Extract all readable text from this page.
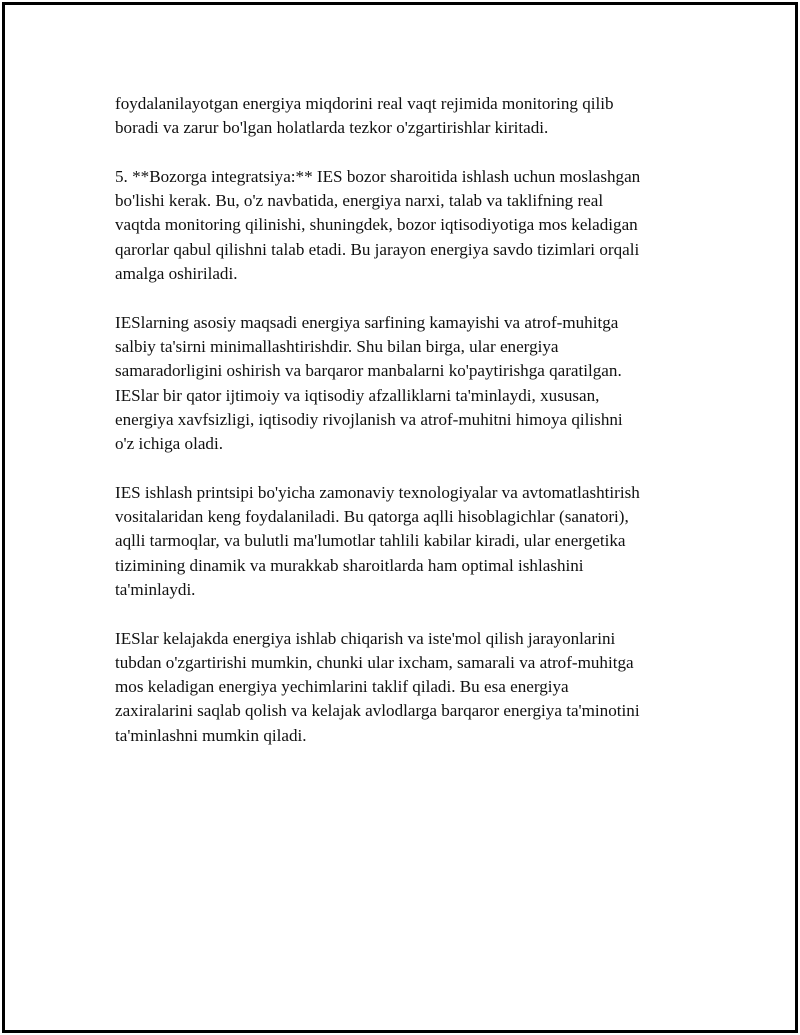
foydalanilayotgan energiya miqdorini real vaqt rejimida monitoring qilib
boradi va zarur bo'lgan holatlarda tezkor o'zgartirishlar kiritadi.

5. **Bozorga integratsiya:** IES bozor sharoitida ishlash uchun moslashgan
bo'lishi kerak. Bu, o'z navbatida, energiya narxi, talab va taklifning real
vaqtda monitoring qilinishi, shuningdek, bozor iqtisodiyotiga mos keladigan
qarorlar qabul qilishni talab etadi. Bu jarayon energiya savdo tizimlari orqali
amalga oshiriladi.

IESlarning asosiy maqsadi energiya sarfining kamayishi va atrof-muhitga
salbiy ta'sirni minimallashtirishdir. Shu bilan birga, ular energiya
samaradorligini oshirish va barqaror manbalarni ko'paytirishga qaratilgan.
IESlar bir qator ijtimoiy va iqtisodiy afzalliklarni ta'minlaydi, xususan,
energiya xavfsizligi, iqtisodiy rivojlanish va atrof-muhitni himoya qilishni
o'z ichiga oladi.

IES ishlash printsipi bo'yicha zamonaviy texnologiyalar va avtomatlashtirish
vositalaridan keng foydalaniladi. Bu qatorga aqlli hisoblagichlar (sanatori),
aqlli tarmoqlar, va bulutli ma'lumotlar tahlili kabilar kiradi, ular energetika
tizimining dinamik va murakkab sharoitlarda ham optimal ishlashini
ta'minlaydi.

IESlar kelajakda energiya ishlab chiqarish va iste'mol qilish jarayonlarini
tubdan o'zgartirishi mumkin, chunki ular ixcham, samarali va atrof-muhitga
mos keladigan energiya yechimlarini taklif qiladi. Bu esa energiya
zaxiralarini saqlab qolish va kelajak avlodlarga barqaror energiya ta'minotini
ta'minlashni mumkin qiladi.
